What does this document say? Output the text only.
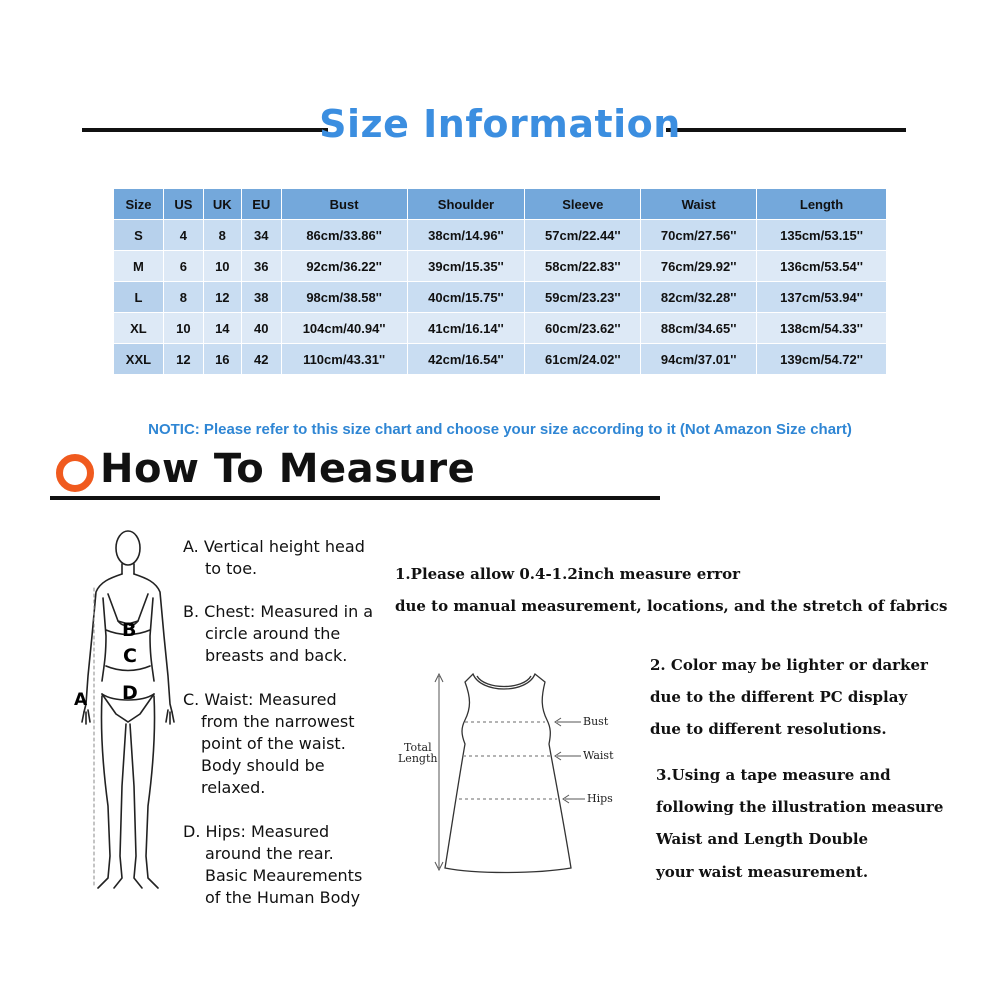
Size Information
Size	US	UK	EU	Bust	Shoulder	Sleeve	Waist	Length
S	4	8	34	86cm/33.86''	38cm/14.96''	57cm/22.44''	70cm/27.56''	135cm/53.15''
M	6	10	36	92cm/36.22''	39cm/15.35''	58cm/22.83''	76cm/29.92''	136cm/53.54''
L	8	12	38	98cm/38.58''	40cm/15.75''	59cm/23.23''	82cm/32.28''	137cm/53.94''
XL	10	14	40	104cm/40.94''	41cm/16.14''	60cm/23.62''	88cm/34.65''	138cm/54.33''
XXL	12	16	42	110cm/43.31''	42cm/16.54''	61cm/24.02''	94cm/37.01''	139cm/54.72''
NOTIC: Please refer to this size chart and choose your size according to it (Not Amazon Size chart)
How To Measure
A
B
C
D
A. Vertical height head
to toe.
B. Chest: Measured in a
circle around the
breasts and back.
C. Waist: Measured
from the narrowest
point of the waist.
Body should be
relaxed.
D. Hips: Measured
around the rear.
Basic Meaurements
of the Human Body
1.Please allow 0.4-1.2inch measure error
due to manual measurement, locations, and the stretch of fabrics
Total
Length
Bust
Waist
Hips
2. Color may be lighter or darker
due to the different PC display
due to different resolutions.
3.Using a tape measure and
following the illustration measure
Waist and Length Double
your waist measurement.
